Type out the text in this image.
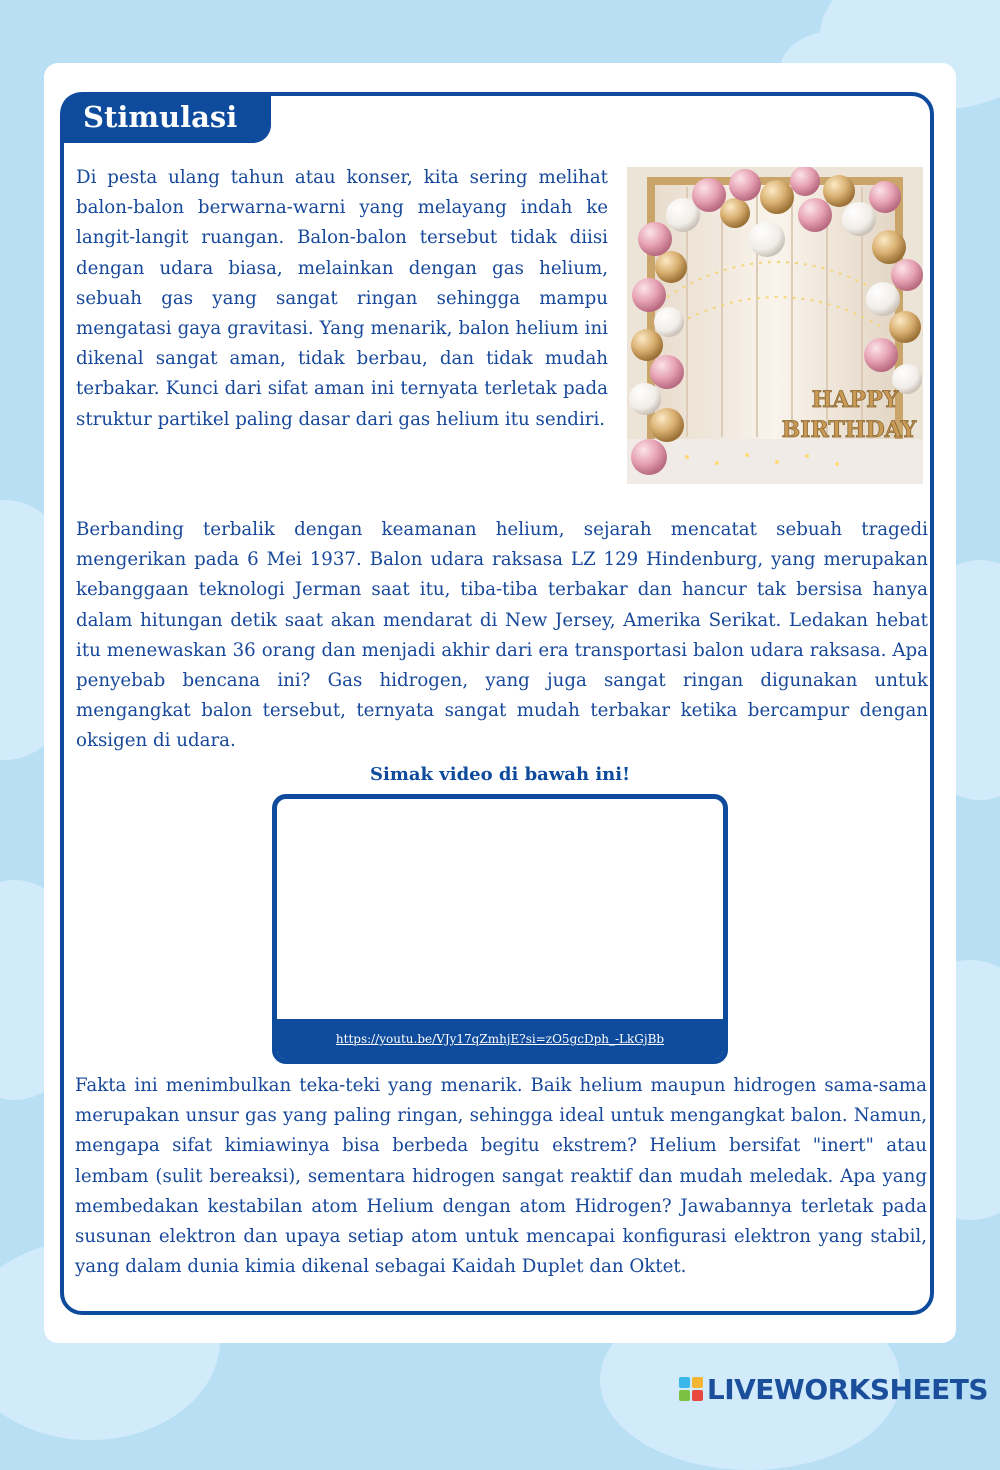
Stimulasi

Di pesta ulang tahun atau konser, kita sering melihat balon-balon berwarna-warni yang melayang indah ke langit-langit ruangan. Balon-balon tersebut tidak diisi dengan udara biasa, melainkan dengan gas helium, sebuah gas yang sangat ringan sehingga mampu mengatasi gaya gravitasi. Yang menarik, balon helium ini dikenal sangat aman, tidak berbau, dan tidak mudah terbakar. Kunci dari sifat aman ini ternyata terletak pada struktur partikel paling dasar dari gas helium itu sendiri.

HAPPY
BIRTHDAY

Berbanding terbalik dengan keamanan helium, sejarah mencatat sebuah tragedi mengerikan pada 6 Mei 1937. Balon udara raksasa LZ 129 Hindenburg, yang merupakan kebanggaan teknologi Jerman saat itu, tiba-tiba terbakar dan hancur tak bersisa hanya dalam hitungan detik saat akan mendarat di New Jersey, Amerika Serikat. Ledakan hebat itu menewaskan 36 orang dan menjadi akhir dari era transportasi balon udara raksasa. Apa penyebab bencana ini? Gas hidrogen, yang juga sangat ringan digunakan untuk mengangkat balon tersebut, ternyata sangat mudah terbakar ketika bercampur dengan oksigen di udara.

Simak video di bawah ini!
https://youtu.be/VJy17qZmhjE?si=zO5gcDph_-LkGjBb

Fakta ini menimbulkan teka-teki yang menarik. Baik helium maupun hidrogen sama-sama merupakan unsur gas yang paling ringan, sehingga ideal untuk mengangkat balon. Namun, mengapa sifat kimiawinya bisa berbeda begitu ekstrem? Helium bersifat "inert" atau lembam (sulit bereaksi), sementara hidrogen sangat reaktif dan mudah meledak. Apa yang membedakan kestabilan atom Helium dengan atom Hidrogen? Jawabannya terletak pada susunan elektron dan upaya setiap atom untuk mencapai konfigurasi elektron yang stabil, yang dalam dunia kimia dikenal sebagai Kaidah Duplet dan Oktet.

LIVEWORKSHEETS
